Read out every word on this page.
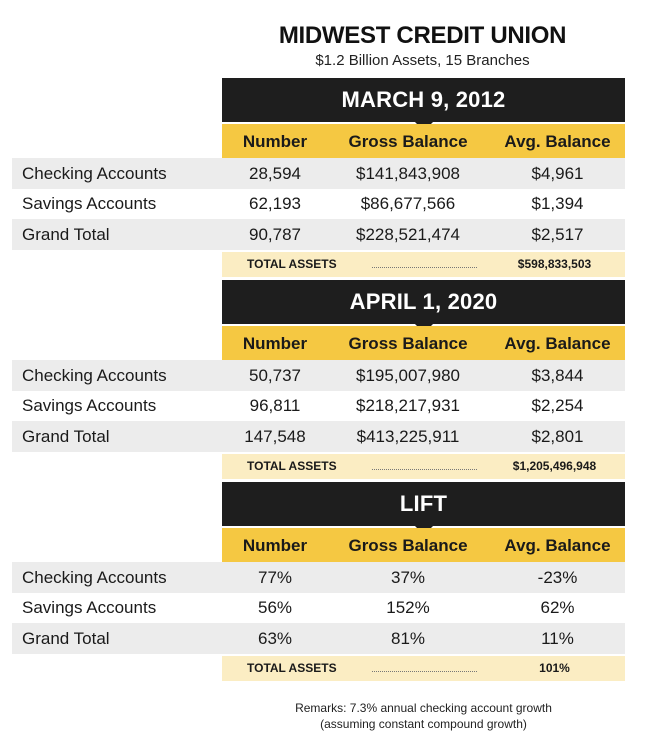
MIDWEST CREDIT UNION
$1.2 Billion Assets, 15 Branches
MARCH 9, 2012
Number	Gross Balance	Avg. Balance
Checking Accounts	28,594	$141,843,908	$4,961
Savings Accounts	62,193	$86,677,566	$1,394
Grand Total	90,787	$228,521,474	$2,517
TOTAL ASSETS	$598,833,503
APRIL 1, 2020
Number	Gross Balance	Avg. Balance
Checking Accounts	50,737	$195,007,980	$3,844
Savings Accounts	96,811	$218,217,931	$2,254
Grand Total	147,548	$413,225,911	$2,801
TOTAL ASSETS	$1,205,496,948
LIFT
Number	Gross Balance	Avg. Balance
Checking Accounts	77%	37%	-23%
Savings Accounts	56%	152%	62%
Grand Total	63%	81%	11%
TOTAL ASSETS	101%
Remarks: 7.3% annual checking account growth
(assuming constant compound growth)
